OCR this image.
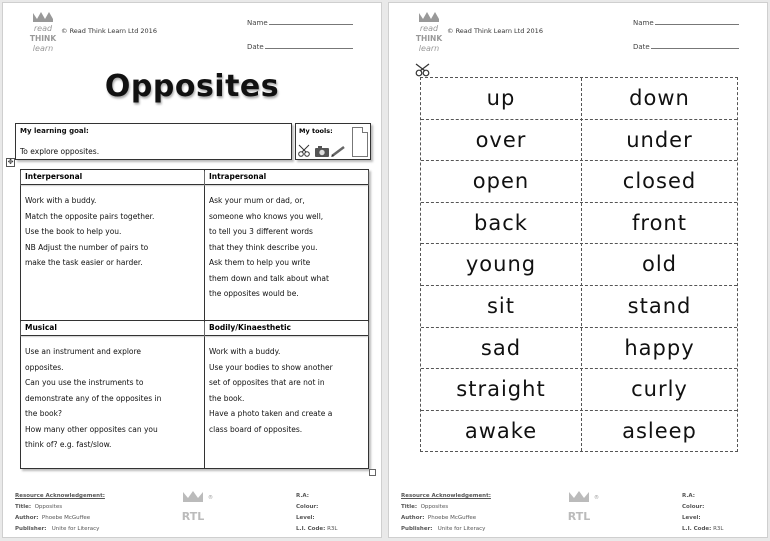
read
THINK
learn
© Read Think Learn Ltd 2016
Name
Date
Opposites
My learning goal:
To explore opposites.
My tools:
✥
Interpersonal
Work with a buddy.
Match the opposite pairs together.
Use the book to help you.
NB Adjust the number of pairs to
make the task easier or harder.
Intrapersonal
Ask your mum or dad, or,
someone who knows you well,
to tell you 3 different words
that they think describe you.
Ask them to help you write
them down and talk about what
the opposites would be.
Musical
Use an instrument and explore
opposites.
Can you use the instruments to
demonstrate any of the opposites in
the book?
How many other opposites can you
think of? e.g. fast/slow.
Bodily/Kinaesthetic
Work with a buddy.
Use your bodies to show another
set of opposites that are not in
the book.
Have a photo taken and create a
class board of opposites.
Resource Acknowledgement:
Title: Opposites
Author: Phoebe McGuffee
Publisher: Unite for Literacy
RTL
®	R.A:
Colour:
Level:
L.I. Code: R3L
read
THINK
learn
© Read Think Learn Ltd 2016
Name
Date
up	down
over	under
open	closed
back	front
young	old
sit	stand
sad	happy
straight	curly
awake	asleep
Resource Acknowledgement:
Title: Opposites
Author: Phoebe McGuffee
Publisher: Unite for Literacy
RTL
®	R.A:
Colour:
Level:
L.I. Code: R3L
